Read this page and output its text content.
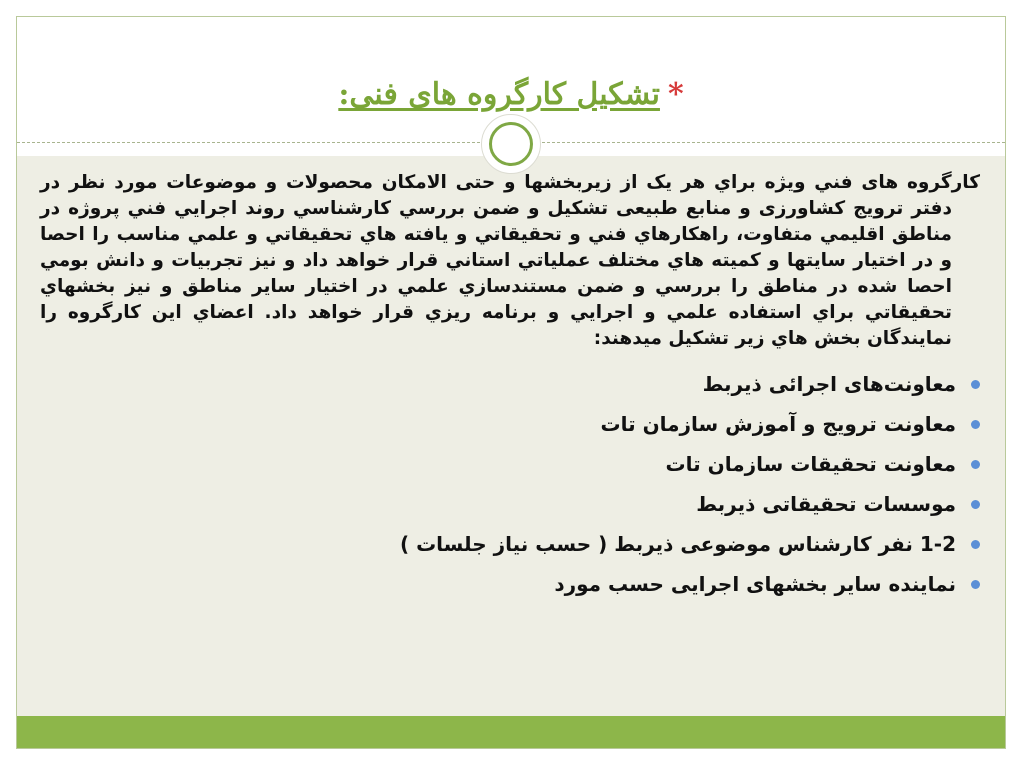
*تشکيل کارگروه های فنی:

کارگروه های فني ويژه براي هر يک از زيربخشها و حتی الامکان محصولات و موضوعات مورد نظر در دفتر ترويج کشاورزی و منابع طبيعی تشکيل و ضمن بررسي کارشناسي روند اجرايي فني پروژه در مناطق اقليمي متفاوت، راهکارهاي فني و تحقيقاتي و يافته هاي تحقيقاتي و علمي مناسب را احصا و در اختيار سايتها و کميته هاي مختلف عملياتي استاني قرار خواهد داد و نيز تجربيات و دانش بومي احصا شده در مناطق را بررسي و ضمن مستندسازي علمي در اختيار ساير مناطق و نيز بخشهاي تحقيقاتي براي استفاده علمي و اجرايي و برنامه ريزي قرار خواهد داد. اعضاي اين کارگروه را نمايندگان بخش هاي زير تشکيل ميدهند:

معاونت‌های اجرائی ذیربط
معاونت ترويج و آموزش سازمان تات
معاونت تحقيقات سازمان تات
موسسات تحقیقاتی ذیربط
1-2 نفر کارشناس موضوعی ذیربط ( حسب نیاز جلسات )
نماینده سایر بخشهای اجرایی حسب مورد
